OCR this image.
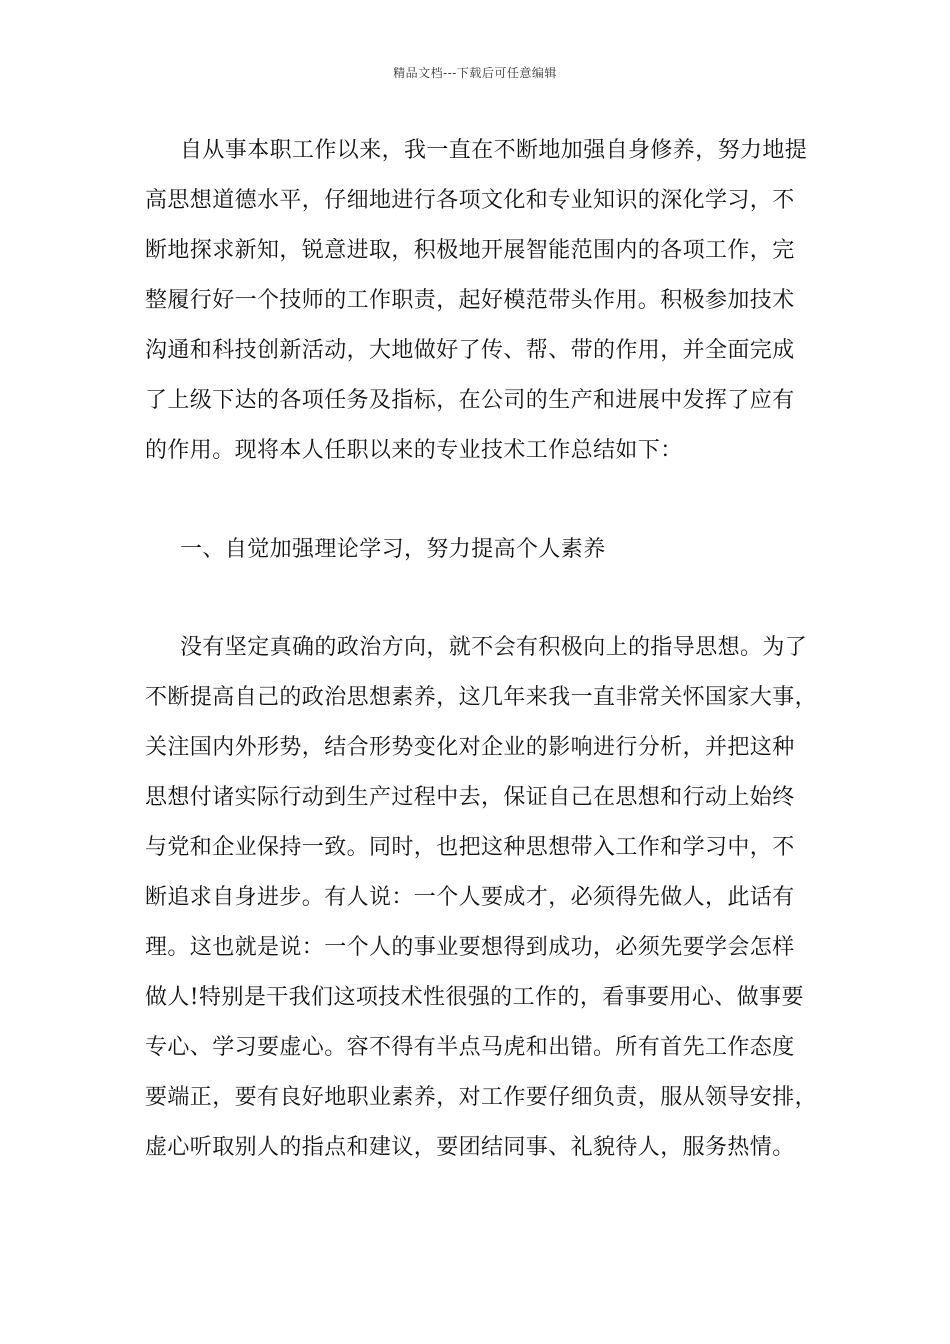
精品文档---下载后可任意编辑
自从事本职工作以来，我一直在不断地加强自身修养，努力地提
高思想道德水平，仔细地进行各项文化和专业知识的深化学习，不
断地探求新知，锐意进取，积极地开展智能范围内的各项工作，完
整履行好一个技师的工作职责，起好模范带头作用。积极参加技术
沟通和科技创新活动，大地做好了传、帮、带的作用，并全面完成
了上级下达的各项任务及指标，在公司的生产和进展中发挥了应有
的作用。现将本人任职以来的专业技术工作总结如下：
一、自觉加强理论学习，努力提高个人素养
没有坚定真确的政治方向，就不会有积极向上的指导思想。为了
不断提高自己的政治思想素养，这几年来我一直非常关怀国家大事，
关注国内外形势，结合形势变化对企业的影响进行分析，并把这种
思想付诸实际行动到生产过程中去，保证自己在思想和行动上始终
与党和企业保持一致。同时，也把这种思想带入工作和学习中，不
断追求自身进步。有人说：一个人要成才，必须得先做人，此话有
理。这也就是说：一个人的事业要想得到成功，必须先要学会怎样
做人!特别是干我们这项技术性很强的工作的，看事要用心、做事要
专心、学习要虚心。容不得有半点马虎和出错。所有首先工作态度
要端正，要有良好地职业素养，对工作要仔细负责，服从领导安排，
虚心听取别人的指点和建议，要团结同事、礼貌待人，服务热情。
